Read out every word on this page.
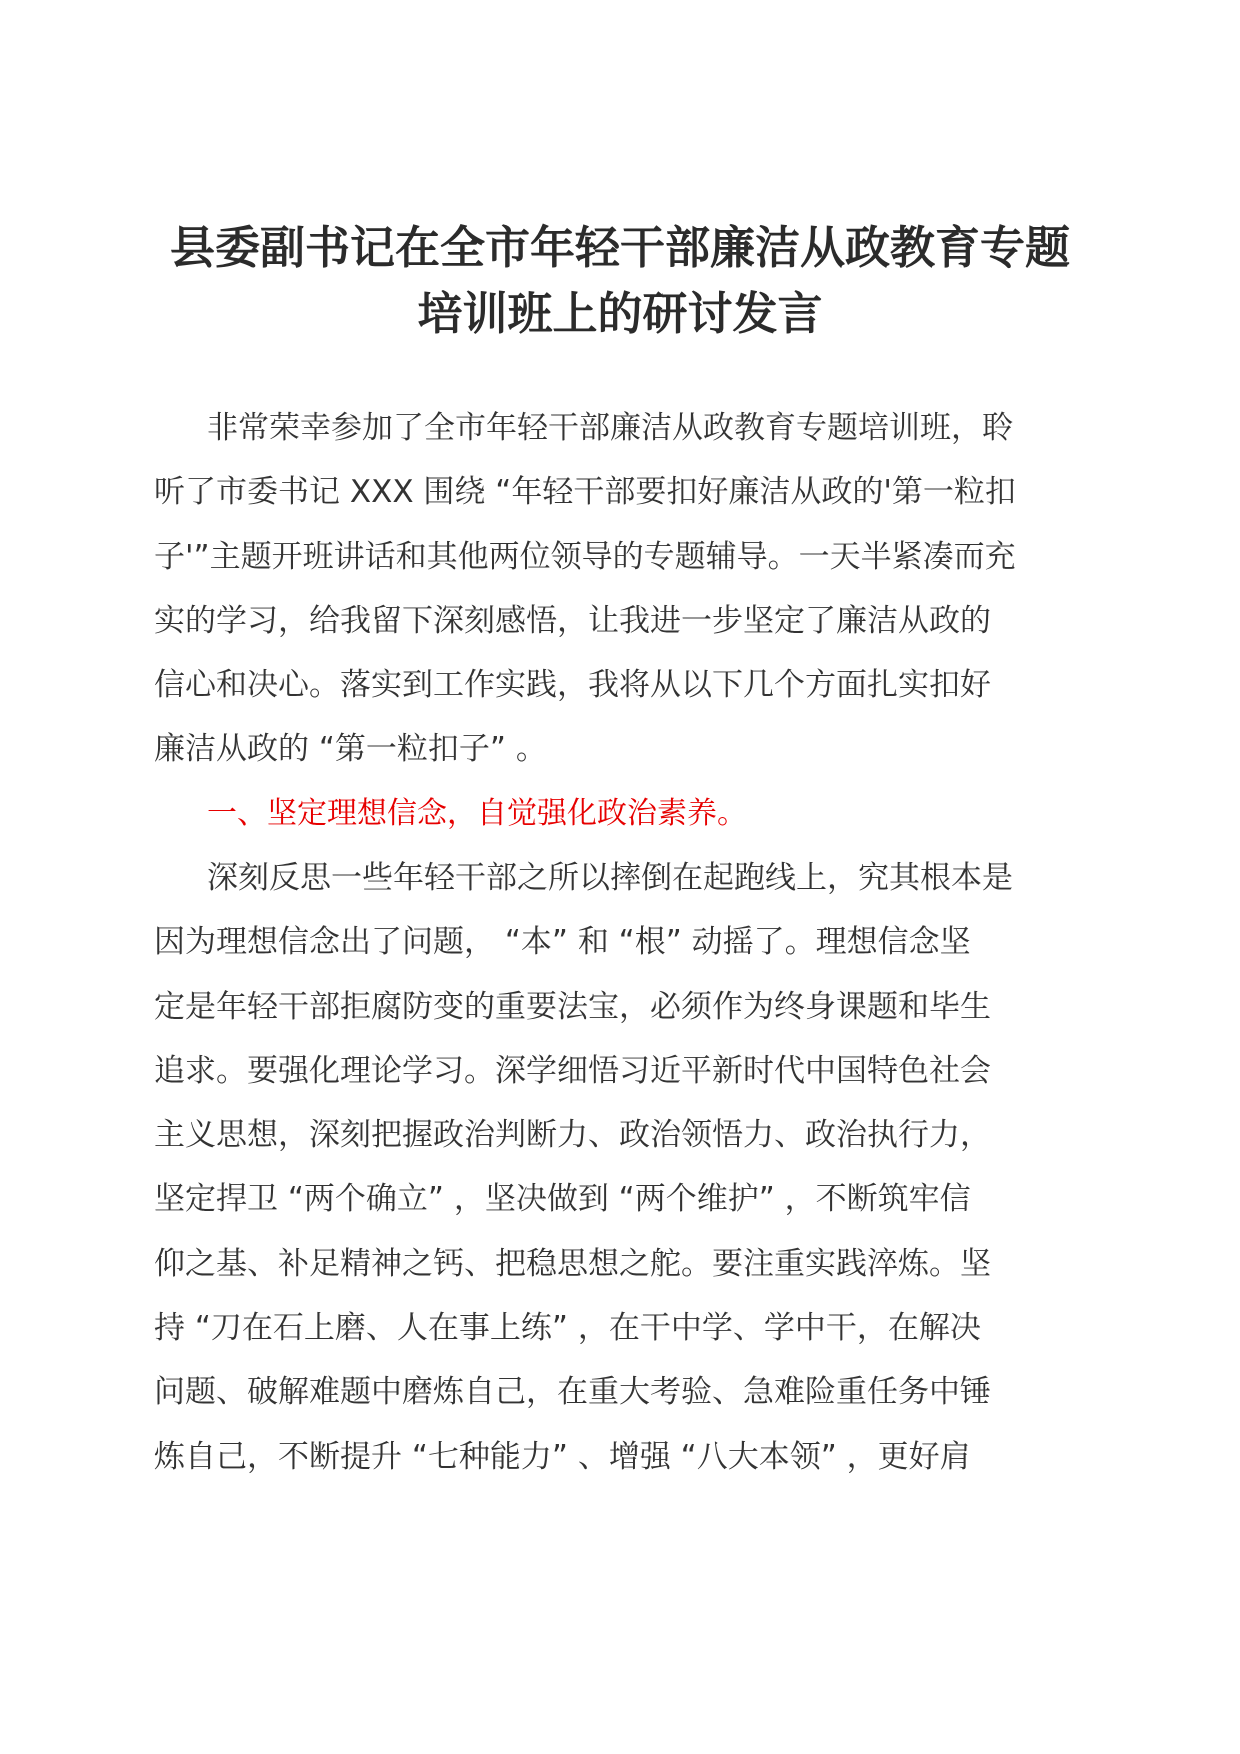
县委副书记在全市年轻干部廉洁从政教育专题
培训班上的研讨发言
非常荣幸参加了全市年轻干部廉洁从政教育专题培训班，聆
听了市委书记 XXX 围绕 “年轻干部要扣好廉洁从政的'第一粒扣
子'”主题开班讲话和其他两位领导的专题辅导。一天半紧凑而充
实的学习，给我留下深刻感悟，让我进一步坚定了廉洁从政的
信心和决心。落实到工作实践，我将从以下几个方面扎实扣好
廉洁从政的 “第一粒扣子” 。
一、坚定理想信念，自觉强化政治素养。
深刻反思一些年轻干部之所以摔倒在起跑线上，究其根本是
因为理想信念出了问题， “本” 和 “根” 动摇了。理想信念坚
定是年轻干部拒腐防变的重要法宝，必须作为终身课题和毕生
追求。要强化理论学习。深学细悟习近平新时代中国特色社会
主义思想，深刻把握政治判断力、政治领悟力、政治执行力，
坚定捍卫 “两个确立” ，坚决做到 “两个维护” ，不断筑牢信
仰之基、补足精神之钙、把稳思想之舵。要注重实践淬炼。坚
持 “刀在石上磨、人在事上练” ，在干中学、学中干，在解决
问题、破解难题中磨炼自己，在重大考验、急难险重任务中锤
炼自己，不断提升 “七种能力” 、增强 “八大本领” ，更好肩
